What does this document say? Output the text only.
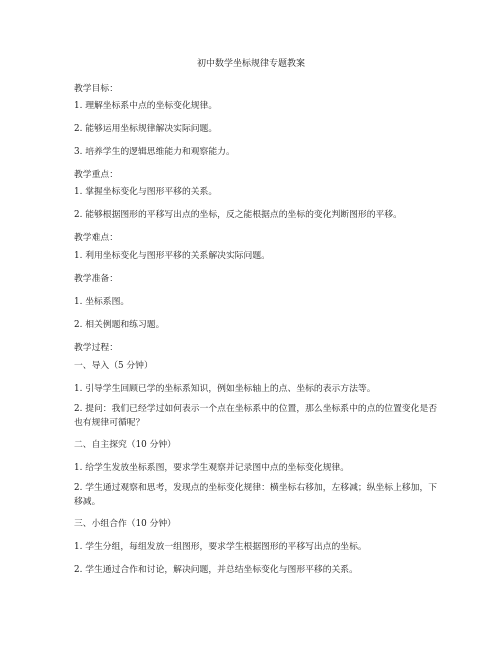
初中数学坐标规律专题教案
教学目标：
1. 理解坐标系中点的坐标变化规律。
2. 能够运用坐标规律解决实际问题。
3. 培养学生的逻辑思维能力和观察能力。
教学重点：
1. 掌握坐标变化与图形平移的关系。
2. 能够根据图形的平移写出点的坐标，反之能根据点的坐标的变化判断图形的平移。
教学难点：
1. 利用坐标变化与图形平移的关系解决实际问题。
教学准备：
1. 坐标系图。
2. 相关例题和练习题。
教学过程：
一、导入（5 分钟）
1. 引导学生回顾已学的坐标系知识，例如坐标轴上的点、坐标的表示方法等。
2. 提问：我们已经学过如何表示一个点在坐标系中的位置，那么坐标系中的点的位置变化是否也有规律可循呢？
二、自主探究（10 分钟）
1. 给学生发放坐标系图，要求学生观察并记录图中点的坐标变化规律。
2. 学生通过观察和思考，发现点的坐标变化规律：横坐标右移加，左移减；纵坐标上移加，下移减。
三、小组合作（10 分钟）
1. 学生分组，每组发放一组图形，要求学生根据图形的平移写出点的坐标。
2. 学生通过合作和讨论，解决问题，并总结坐标变化与图形平移的关系。
